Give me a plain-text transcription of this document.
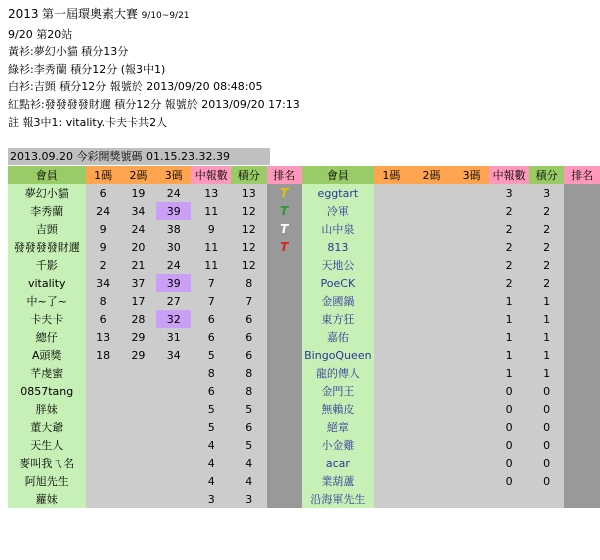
2013 第一屆環奧素大賽 9/10~9/21
9/20 第20站
黃衫:夢幻小貓 積分13分
綠衫:李秀蘭 積分12分 (報3中1)
白衫:吉顗 積分12分 報號於 2013/09/20 08:48:05
紅點衫:發發發發財邇 積分12分 報號於 2013/09/20 17:13
註 報3中1: vitality.卡夫卡共2人
2013.09.20 今彩開獎號碼 01.15.23.32.39
會員	1碼	2碼	3碼	中報數	積分	排名	會員	1碼	2碼	3碼	中報數	積分	排名
夢幻小貓	6	19	24	13	13	T	eggtart				3	3	
李秀蘭	24	34	39	11	12	T	冷軍				2	2	
吉顗	9	24	38	9	12	T	山中泉				2	2	
發發發發財邇	9	20	30	11	12	T	813				2	2	
千影	2	21	24	11	12		天地公				2	2	
vitality	34	37	39	7	8		PoeCK				2	2	
中~了~	8	17	27	7	7		金國鍋				1	1	
卡夫卡	6	28	32	6	6		東方狂				1	1	
總仔	13	29	31	6	6		嘉佑				1	1	
A頭獎	18	29	34	5	6		BingoQueen				1	1	
芊虔蜜				8	8		龍的傳人				1	1	
0857tang				6	8		金門王				0	0	
胖妹				5	5		無賴皮				0	0	
董大爺				5	6		絕章				0	0	
天生人				4	5		小金雞				0	0	
麥叫我ㄟ名				4	4		acar				0	0	
阿旭先生				4	4		業葫蘆				0	0	
蘿妹				3	3		沿海軍先生						
